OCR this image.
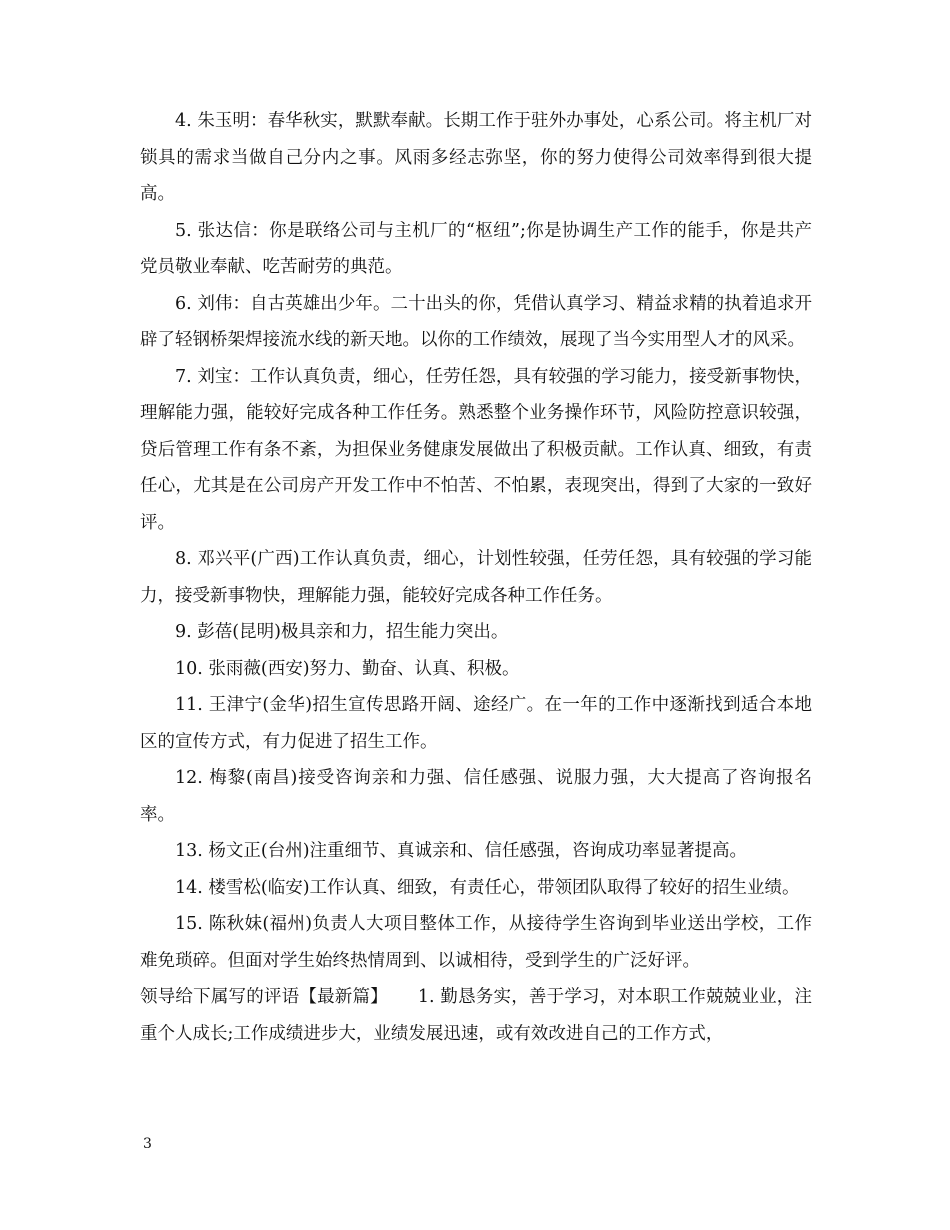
4. 朱玉明：春华秋实，默默奉献。长期工作于驻外办事处，心系公司。将主机厂对锁具的需求当做自己分内之事。风雨多经志弥坚，你的努力使得公司效率得到很大提高。

5. 张达信：你是联络公司与主机厂的“枢纽”;你是协调生产工作的能手，你是共产党员敬业奉献、吃苦耐劳的典范。

6. 刘伟：自古英雄出少年。二十出头的你，凭借认真学习、精益求精的执着追求开辟了轻钢桥架焊接流水线的新天地。以你的工作绩效，展现了当今实用型人才的风采。

7. 刘宝：工作认真负责，细心，任劳任怨，具有较强的学习能力，接受新事物快，理解能力强，能较好完成各种工作任务。熟悉整个业务操作环节，风险防控意识较强，贷后管理工作有条不紊，为担保业务健康发展做出了积极贡献。工作认真、细致，有责任心，尤其是在公司房产开发工作中不怕苦、不怕累，表现突出，得到了大家的一致好评。

8. 邓兴平(广西)工作认真负责，细心，计划性较强，任劳任怨，具有较强的学习能力，接受新事物快，理解能力强，能较好完成各种工作任务。

9. 彭蓓(昆明)极具亲和力，招生能力突出。

10. 张雨薇(西安)努力、勤奋、认真、积极。

11. 王津宁(金华)招生宣传思路开阔、途经广。在一年的工作中逐渐找到适合本地区的宣传方式，有力促进了招生工作。

12. 梅黎(南昌)接受咨询亲和力强、信任感强、说服力强，大大提高了咨询报名率。

13. 杨文正(台州)注重细节、真诚亲和、信任感强，咨询成功率显著提高。

14. 楼雪松(临安)工作认真、细致，有责任心，带领团队取得了较好的招生业绩。

15. 陈秋妹(福州)负责人大项目整体工作，从接待学生咨询到毕业送出学校，工作难免琐碎。但面对学生始终热情周到、以诚相待，受到学生的广泛好评。

领导给下属写的评语【最新篇】 1. 勤恳务实，善于学习，对本职工作兢兢业业，注重个人成长;工作成绩进步大，业绩发展迅速，或有效改进自己的工作方式，

3
